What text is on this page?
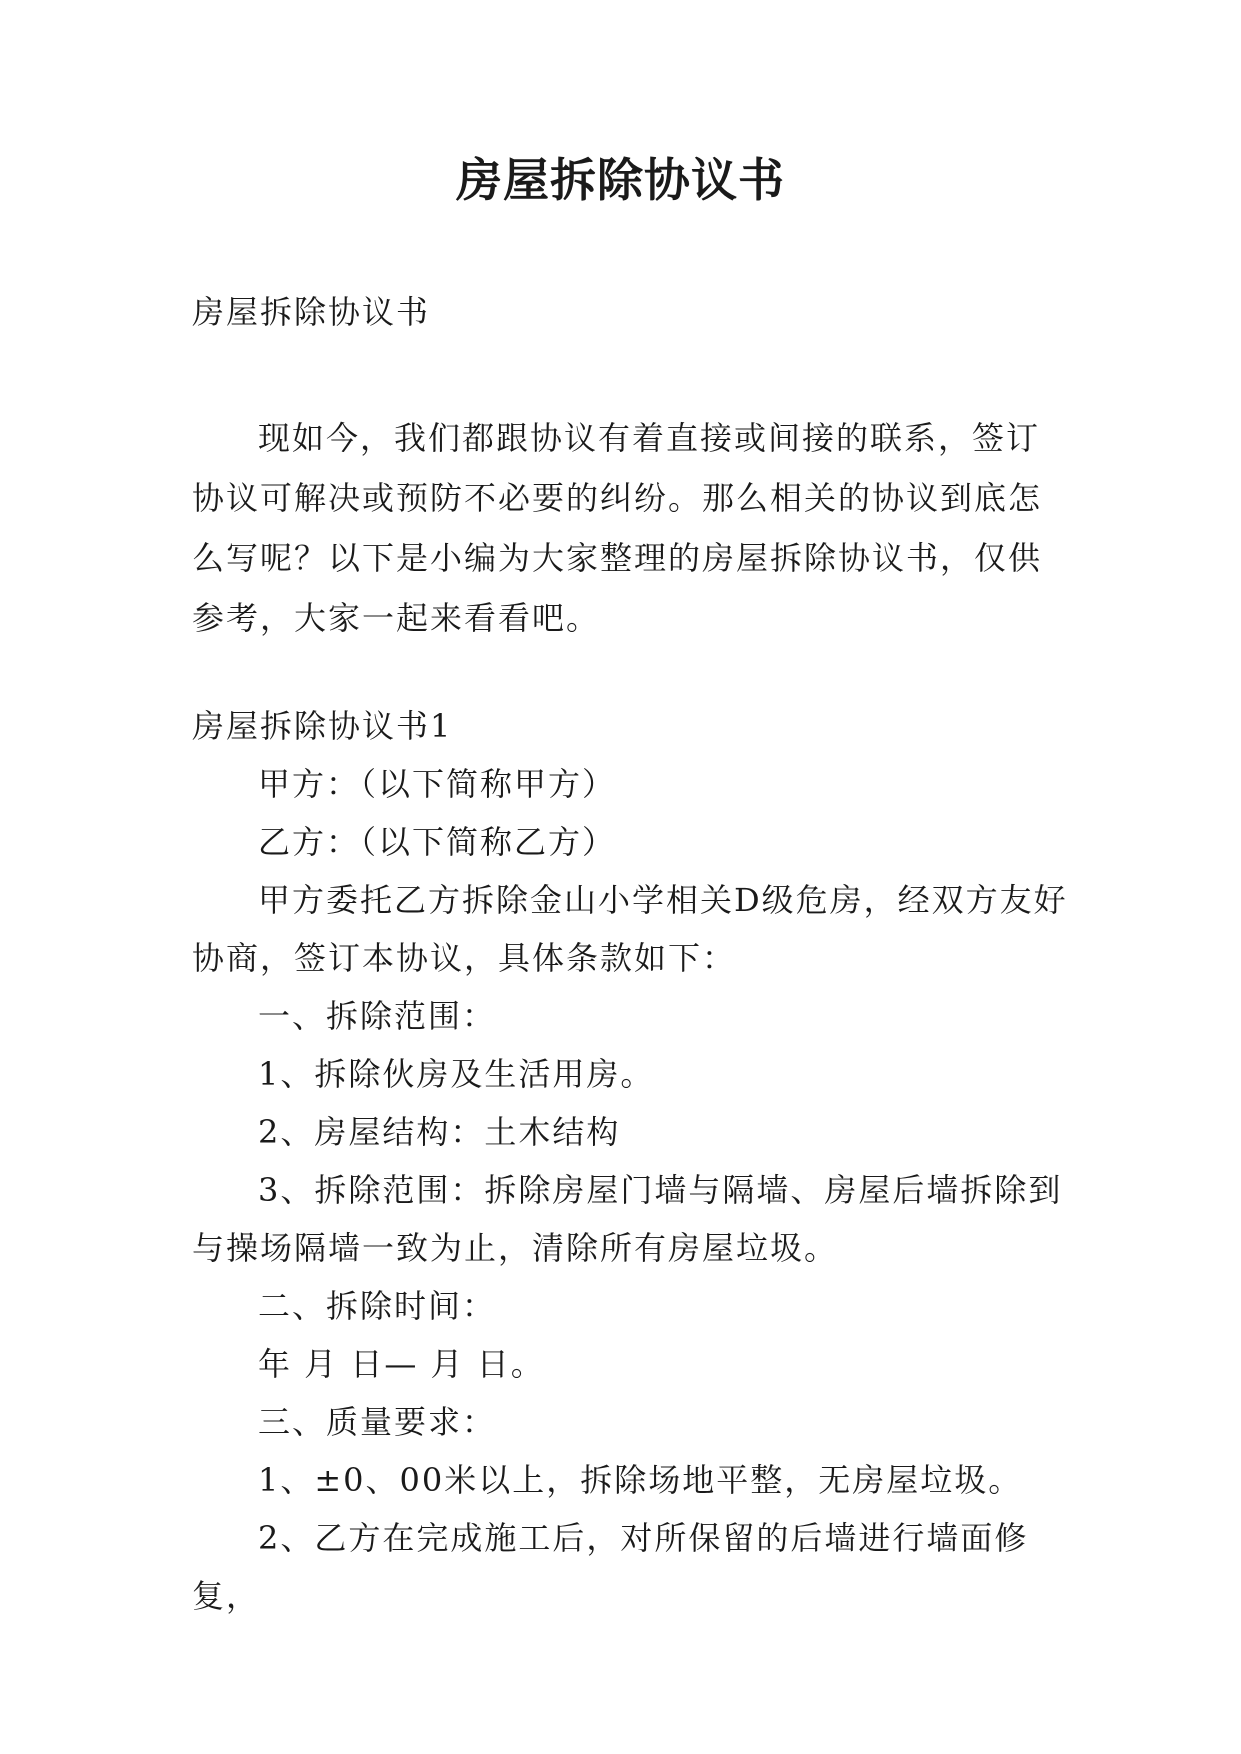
房屋拆除协议书
房屋拆除协议书
现如今，我们都跟协议有着直接或间接的联系，签订协议可解决或预防不必要的纠纷。那么相关的协议到底怎么写呢？以下是小编为大家整理的房屋拆除协议书，仅供参考，大家一起来看看吧。

房屋拆除协议书1

甲方：（以下简称甲方）

乙方：（以下简称乙方）

甲方委托乙方拆除金山小学相关D级危房，经双方友好协商，签订本协议，具体条款如下：

一、拆除范围：

1、拆除伙房及生活用房。

2、房屋结构：土木结构

3、拆除范围：拆除房屋门墙与隔墙、房屋后墙拆除到与操场隔墙一致为止，清除所有房屋垃圾。

二、拆除时间：

年 月 日— 月 日。

三、质量要求：

1、±0、00米以上，拆除场地平整，无房屋垃圾。

2、乙方在完成施工后，对所保留的后墙进行墙面修复，
